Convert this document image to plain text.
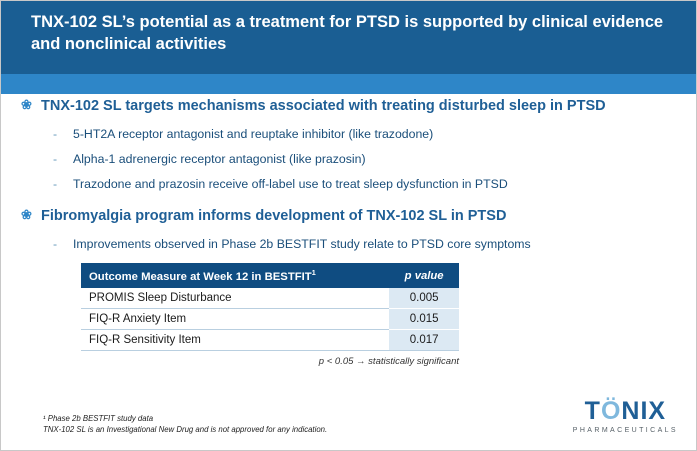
TNX-102 SL’s potential as a treatment for PTSD is supported by clinical evidence and nonclinical activities
29
❀ TNX-102 SL targets mechanisms associated with treating disturbed sleep in PTSD
- 5-HT2A receptor antagonist and reuptake inhibitor (like trazodone)
- Alpha-1 adrenergic receptor antagonist (like prazosin)
- Trazodone and prazosin receive off-label use to treat sleep dysfunction in PTSD
❀ Fibromyalgia program informs development of TNX-102 SL in PTSD
- Improvements observed in Phase 2b BESTFIT study relate to PTSD core symptoms
Outcome Measure at Week 12 in BESTFIT$^1$	p value
PROMIS Sleep Disturbance	0.005
FIQ-R Anxiety Item	0.015
FIQ-R Sensitivity Item	0.017
p < 0.05 → statistically significant
¹ Phase 2b BESTFIT study data
TNX-102 SL is an Investigational New Drug and is not approved for any indication.
TÖNIX
PHARMACEUTICALS
